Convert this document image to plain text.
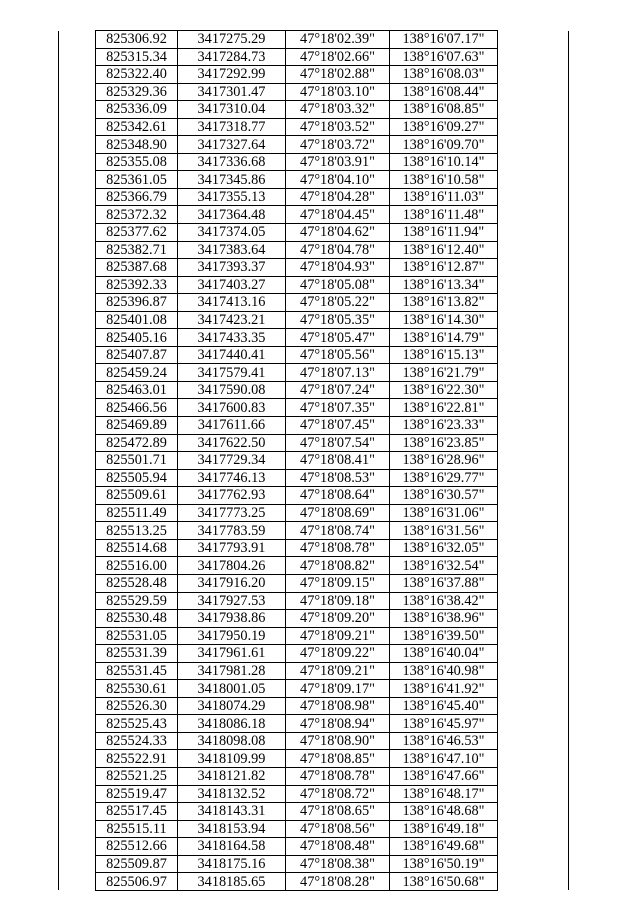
	825306.92	3417275.29	47°18'02.39"	138°16'07.17"	
	825315.34	3417284.73	47°18'02.66"	138°16'07.63"	
	825322.40	3417292.99	47°18'02.88"	138°16'08.03"	
	825329.36	3417301.47	47°18'03.10"	138°16'08.44"	
	825336.09	3417310.04	47°18'03.32"	138°16'08.85"	
	825342.61	3417318.77	47°18'03.52"	138°16'09.27"	
	825348.90	3417327.64	47°18'03.72"	138°16'09.70"	
	825355.08	3417336.68	47°18'03.91"	138°16'10.14"	
	825361.05	3417345.86	47°18'04.10"	138°16'10.58"	
	825366.79	3417355.13	47°18'04.28"	138°16'11.03"	
	825372.32	3417364.48	47°18'04.45"	138°16'11.48"	
	825377.62	3417374.05	47°18'04.62"	138°16'11.94"	
	825382.71	3417383.64	47°18'04.78"	138°16'12.40"	
	825387.68	3417393.37	47°18'04.93"	138°16'12.87"	
	825392.33	3417403.27	47°18'05.08"	138°16'13.34"	
	825396.87	3417413.16	47°18'05.22"	138°16'13.82"	
	825401.08	3417423.21	47°18'05.35"	138°16'14.30"	
	825405.16	3417433.35	47°18'05.47"	138°16'14.79"	
	825407.87	3417440.41	47°18'05.56"	138°16'15.13"	
	825459.24	3417579.41	47°18'07.13"	138°16'21.79"	
	825463.01	3417590.08	47°18'07.24"	138°16'22.30"	
	825466.56	3417600.83	47°18'07.35"	138°16'22.81"	
	825469.89	3417611.66	47°18'07.45"	138°16'23.33"	
	825472.89	3417622.50	47°18'07.54"	138°16'23.85"	
	825501.71	3417729.34	47°18'08.41"	138°16'28.96"	
	825505.94	3417746.13	47°18'08.53"	138°16'29.77"	
	825509.61	3417762.93	47°18'08.64"	138°16'30.57"	
	825511.49	3417773.25	47°18'08.69"	138°16'31.06"	
	825513.25	3417783.59	47°18'08.74"	138°16'31.56"	
	825514.68	3417793.91	47°18'08.78"	138°16'32.05"	
	825516.00	3417804.26	47°18'08.82"	138°16'32.54"	
	825528.48	3417916.20	47°18'09.15"	138°16'37.88"	
	825529.59	3417927.53	47°18'09.18"	138°16'38.42"	
	825530.48	3417938.86	47°18'09.20"	138°16'38.96"	
	825531.05	3417950.19	47°18'09.21"	138°16'39.50"	
	825531.39	3417961.61	47°18'09.22"	138°16'40.04"	
	825531.45	3417981.28	47°18'09.21"	138°16'40.98"	
	825530.61	3418001.05	47°18'09.17"	138°16'41.92"	
	825526.30	3418074.29	47°18'08.98"	138°16'45.40"	
	825525.43	3418086.18	47°18'08.94"	138°16'45.97"	
	825524.33	3418098.08	47°18'08.90"	138°16'46.53"	
	825522.91	3418109.99	47°18'08.85"	138°16'47.10"	
	825521.25	3418121.82	47°18'08.78"	138°16'47.66"	
	825519.47	3418132.52	47°18'08.72"	138°16'48.17"	
	825517.45	3418143.31	47°18'08.65"	138°16'48.68"	
	825515.11	3418153.94	47°18'08.56"	138°16'49.18"	
	825512.66	3418164.58	47°18'08.48"	138°16'49.68"	
	825509.87	3418175.16	47°18'08.38"	138°16'50.19"	
	825506.97	3418185.65	47°18'08.28"	138°16'50.68"	
